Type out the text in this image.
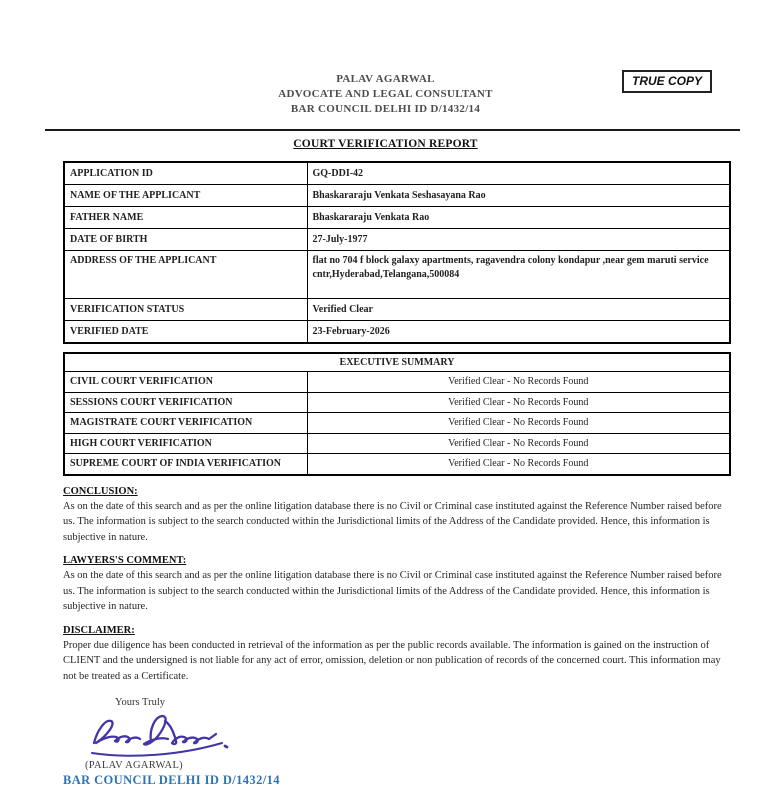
PALAV AGARWAL
ADVOCATE AND LEGAL CONSULTANT
BAR COUNCIL DELHI ID D/1432/14
TRUE COPY
COURT VERIFICATION REPORT
APPLICATION ID	GQ-DDI-42
NAME OF THE APPLICANT	Bhaskararaju Venkata Seshasayana Rao
FATHER NAME	Bhaskararaju Venkata Rao
DATE OF BIRTH	27-July-1977
ADDRESS OF THE APPLICANT	flat no 704 f block galaxy apartments, ragavendra colony kondapur ,near gem maruti service cntr,Hyderabad,Telangana,500084
VERIFICATION STATUS	Verified Clear
VERIFIED DATE	23-February-2026
EXECUTIVE SUMMARY	
CIVIL COURT VERIFICATION	Verified Clear - No Records Found
SESSIONS COURT VERIFICATION	Verified Clear - No Records Found
MAGISTRATE COURT VERIFICATION	Verified Clear - No Records Found
HIGH COURT VERIFICATION	Verified Clear - No Records Found
SUPREME COURT OF INDIA VERIFICATION	Verified Clear - No Records Found
CONCLUSION:
As on the date of this search and as per the online litigation database there is no Civil or Criminal case instituted against the Reference Number raised before us. The information is subject to the search conducted within the Jurisdictional limits of the Address of the Candidate provided. Hence, this information is subjective in nature.
LAWYERS'S COMMENT:
As on the date of this search and as per the online litigation database there is no Civil or Criminal case instituted against the Reference Number raised before us. The information is subject to the search conducted within the Jurisdictional limits of the Address of the Candidate provided. Hence, this information is subjective in nature.
DISCLAIMER:
Proper due diligence has been conducted in retrieval of the information as per the public records available. The information is gained on the instruction of CLIENT and the undersigned is not liable for any act of error, omission, deletion or non publication of records of the concerned court. This information may not be treated as a Certificate.
Yours Truly
(PALAV AGARWAL)
BAR COUNCIL DELHI ID D/1432/14
